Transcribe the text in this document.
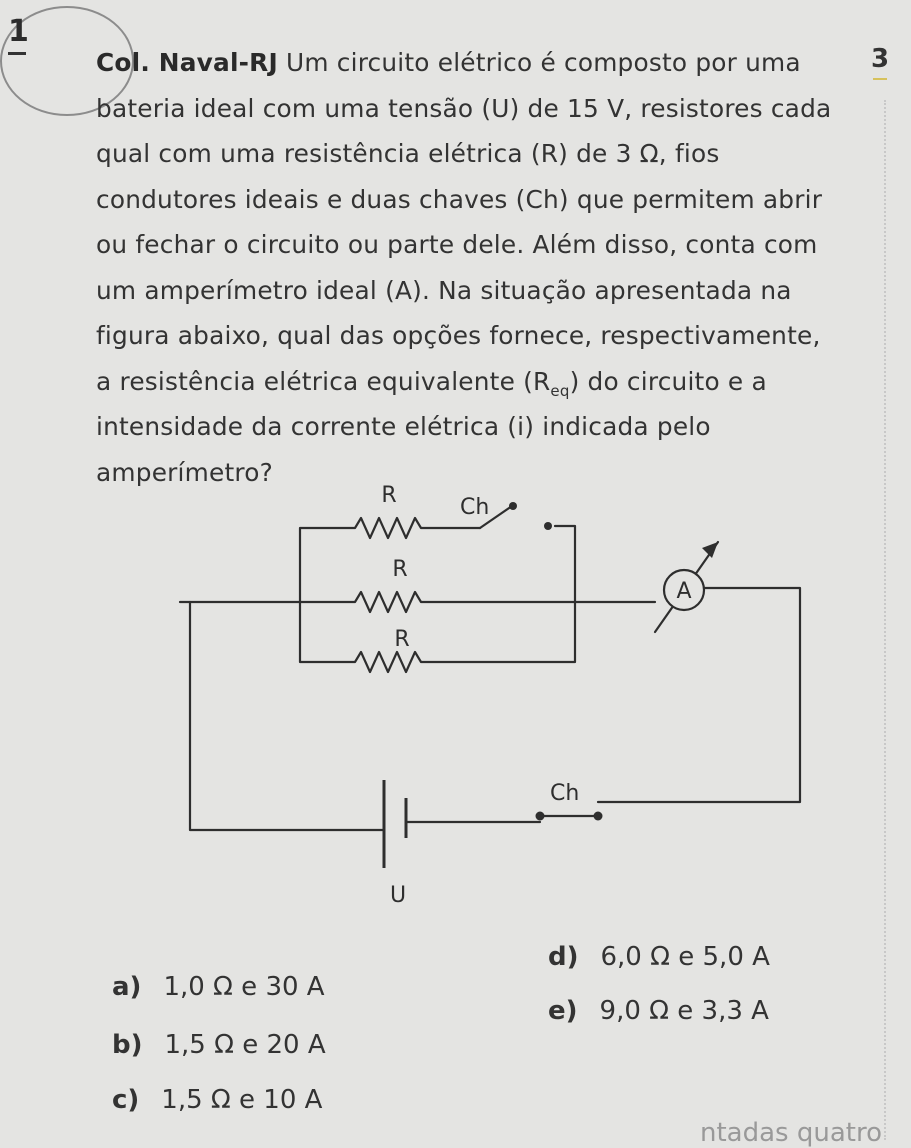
1
3

Col. Naval-RJ Um circuito elétrico é composto por uma bateria ideal com uma tensão (U) de 15 V, resistores cada qual com uma resistência elétrica (R) de 3 Ω, fios condutores ideais e duas chaves (Ch) que permitem abrir ou fechar o circuito ou parte dele. Além disso, conta com um amperímetro ideal (A). Na situação apresentada na figura abaixo, qual das opções fornece, respectivamente, a resistência elétrica equivalente $(R_{eq})$ do circuito e a intensidade da corrente elétrica (i) indicada pelo amperímetro?

R
R
R
Ch
Ch
A
U
a) 1,0 Ω e 30 A
b) 1,5 Ω e 20 A
c) 1,5 Ω e 10 A
d) 6,0 Ω e 5,0 A
e) 9,0 Ω e 3,3 A
ntadas quatro
